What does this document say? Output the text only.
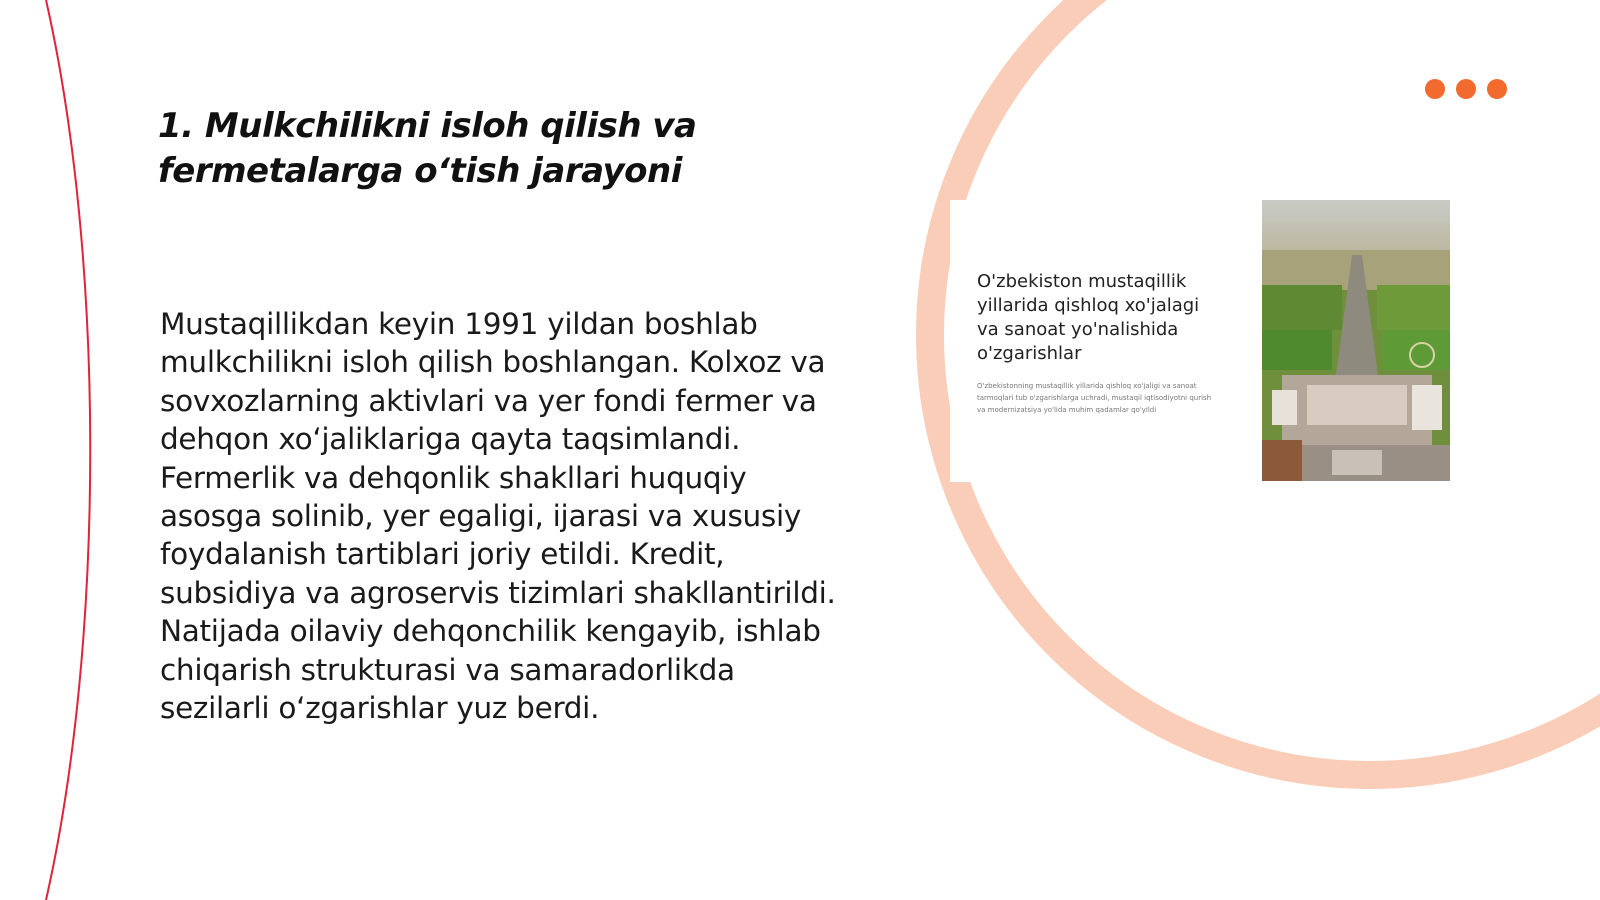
1. Mulkchilikni isloh qilish va fermetalarga o‘tish jarayoni

Mustaqillikdan keyin 1991 yildan boshlab mulkchilikni isloh qilish boshlangan. Kolxoz va sovxozlarning aktivlari va yer fondi fermer va dehqon xo‘jaliklariga qayta taqsimlandi. Fermerlik va dehqonlik shakllari huquqiy asosga solinib, yer egaligi, ijarasi va xususiy foydalanish tartiblari joriy etildi. Kredit, subsidiya va agroservis tizimlari shakllantirildi. Natijada oilaviy dehqonchilik kengayib, ishlab chiqarish strukturasi va samaradorlikda sezilarli o‘zgarishlar yuz berdi.

O'zbekiston mustaqillik yillarida qishloq xo'jalagi va sanoat yo'nalishida o'zgarishlar

O'zbekistonning mustaqillik yillarida qishloq xo'jaligi va sanoat tarmoqlari tub o'zgarishlarga uchradi, mustaqil iqtisodiyotni qurish va modernizatsiya yo'lida muhim qadamlar qo'yildi
